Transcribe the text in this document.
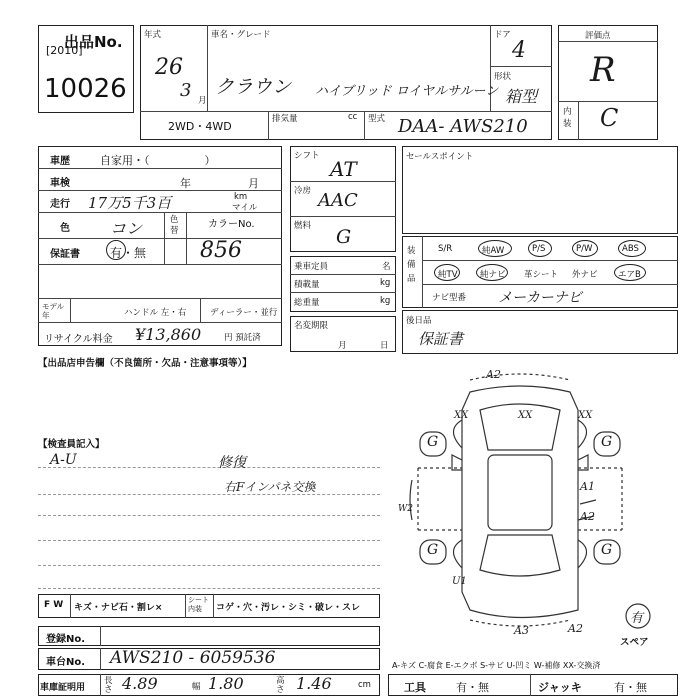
出品No.
[2010]
10026
年式
26
3 月
車名・グレード
クラウン ハイブリッド ロイヤルサルーン
ドア
4
形状
箱型
2WD・4WD
排気量	cc 型式 DAA- AWS210
評価点
R
内装 C
車歴	自家用・（　　　　　）
車検	年	月
走行 17万5千3百	km
マイル
色	コン	色替
カラーNo.
保証書	有・無 856
モデル年	ハンドル 左・右	ディーラー・並行
リサイクル料金 ¥13,860	円 預託済
シフト
AT
冷房 AAC
燃料 G
乗車定員	名
積載量	kg
総重量	kg
名変期限
月	日
セールスポイント
装備品
S/R	純AW	P/S	P/W	ABS
純TV	純ナビ 革シート 外ナビ エアB
ナビ型番 メーカーナビ
後日品
保証書
【出品店申告欄（不良箇所・欠品・注意事項等）】
【検査員記入】
A-U	修復
右Fインパネ交換
F W キズ・ナビ石・割レ×
シート内装	コゲ・穴・汚レ・シミ・破レ・スレ
登録No.
車台No. AWS210 - 6059536
車庫証明用
長さ 4.89	幅 1.80	高さ 1.46	cm
A-キズ C-腐食 E-エクボ S-サビ U-凹ミ W-補修 XX-交換済
工具	有・無	ジャッキ	有・無
A2
XX	XX	XX
G	G
G	G
A1
A2
W2
U1
A3	A2
有
スペア
